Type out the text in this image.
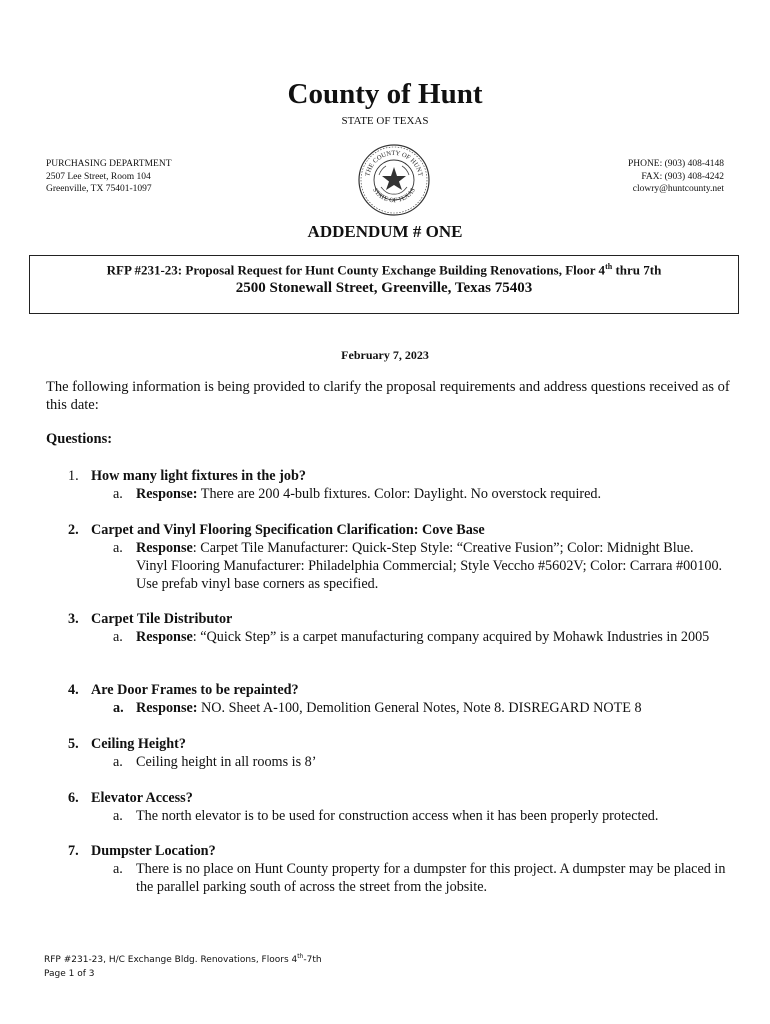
County of Hunt
STATE OF TEXAS
PURCHASING DEPARTMENT
2507 Lee Street, Room 104
Greenville, TX 75401-1097
THE COUNTY OF HUNT
STATE OF TEXAS
PHONE: (903) 408-4148
FAX: (903) 408-4242
clowry@huntcounty.net
ADDENDUM # ONE
RFP #231-23: Proposal Request for Hunt County Exchange Building Renovations, Floor 4th thru 7th
2500 Stonewall Street, Greenville, Texas 75403
February 7, 2023
The following information is being provided to clarify the proposal requirements and address questions received as of this date:
Questions:
1. How many light fixtures in the job?
a. Response: There are 200 4-bulb fixtures. Color: Daylight. No overstock required.
2. Carpet and Vinyl Flooring Specification Clarification: Cove Base
a. Response: Carpet Tile Manufacturer: Quick-Step Style: “Creative Fusion”; Color: Midnight Blue. Vinyl Flooring Manufacturer: Philadelphia Commercial; Style Veccho #5602V; Color: Carrara #00100. Use prefab vinyl base corners as specified.
3. Carpet Tile Distributor
a. Response: “Quick Step” is a carpet manufacturing company acquired by Mohawk Industries in 2005
4. Are Door Frames to be repainted?
a. Response: NO. Sheet A-100, Demolition General Notes, Note 8. DISREGARD NOTE 8
5. Ceiling Height?
a. Ceiling height in all rooms is 8’
6. Elevator Access?
a. The north elevator is to be used for construction access when it has been properly protected.
7. Dumpster Location?
a. There is no place on Hunt County property for a dumpster for this project. A dumpster may be placed in the parallel parking south of across the street from the jobsite.
RFP #231-23, H/C Exchange Bldg. Renovations, Floors 4th-7th
Page 1 of 3
